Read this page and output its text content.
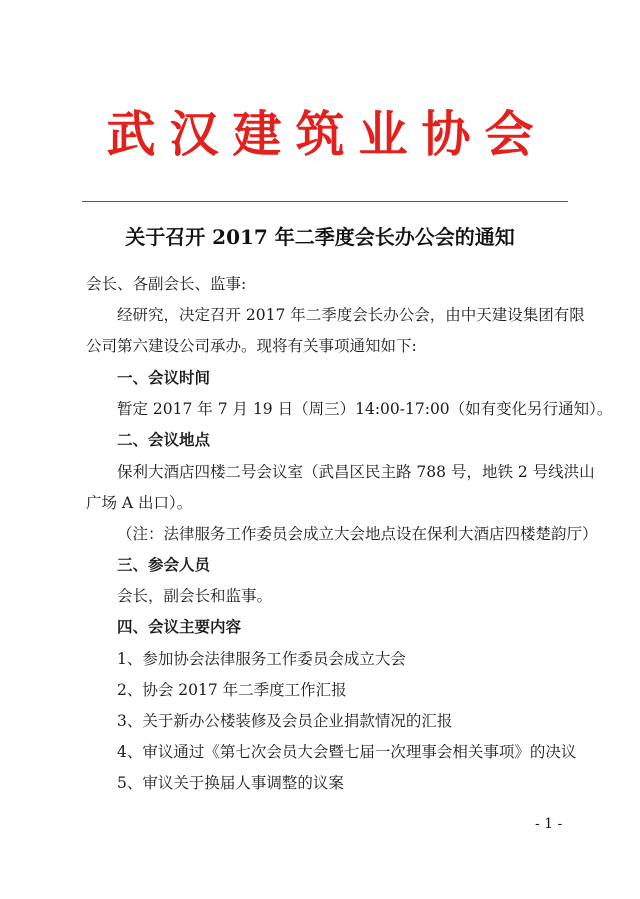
武汉建筑业协会
关于召开 2017 年二季度会长办公会的通知
会长、各副会长、监事:
经研究，决定召开 2017 年二季度会长办公会，由中天建设集团有限
公司第六建设公司承办。现将有关事项通知如下:
一、会议时间
暂定 2017 年 7 月 19 日（周三）14:00-17:00（如有变化另行通知）。
二、会议地点
保利大酒店四楼二号会议室（武昌区民主路 788 号，地铁 2 号线洪山
广场 A 出口）。
（注：法律服务工作委员会成立大会地点设在保利大酒店四楼楚韵厅）
三、参会人员
会长，副会长和监事。
四、会议主要内容
1、参加协会法律服务工作委员会成立大会
2、协会 2017 年二季度工作汇报
3、关于新办公楼装修及会员企业捐款情况的汇报
4、审议通过《第七次会员大会暨七届一次理事会相关事项》的决议
5、审议关于换届人事调整的议案
- 1 -
